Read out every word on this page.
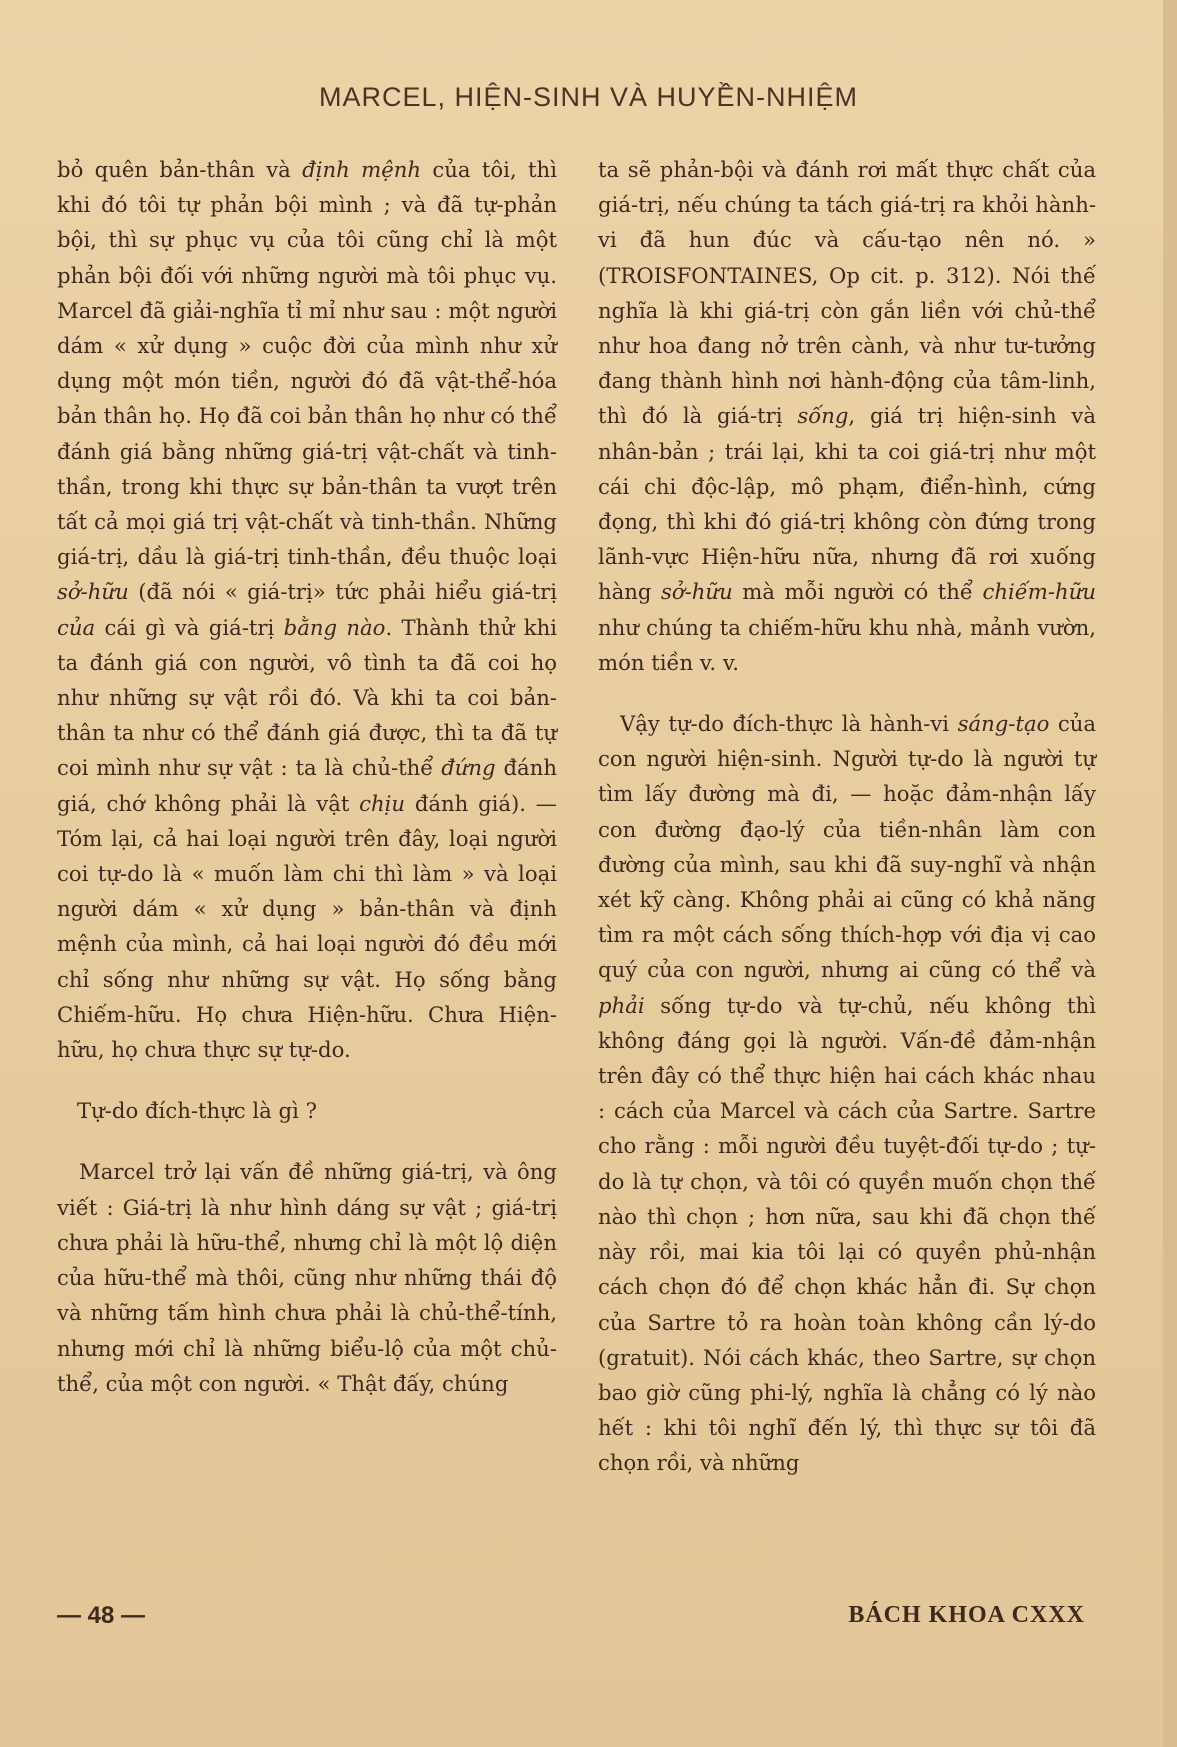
MARCEL, HIỆN-SINH VÀ HUYỀN-NHIỆM

bỏ quên bản-thân và định mệnh của tôi, thì khi đó tôi tự phản bội mình ; và đã tự-phản bội, thì sự phục vụ của tôi cũng chỉ là một phản bội đối với những người mà tôi phục vụ. Marcel đã giải-nghĩa tỉ mỉ như sau : một người dám « xử dụng » cuộc đời của mình như xử dụng một món tiền, người đó đã vật-thể-hóa bản thân họ. Họ đã coi bản thân họ như có thể đánh giá bằng những giá-trị vật-chất và tinh-thần, trong khi thực sự bản-thân ta vượt trên tất cả mọi giá trị vật-chất và tinh-thần. Những giá-trị, dầu là giá-trị tinh-thần, đều thuộc loại sở-hữu (đã nói « giá-trị» tức phải hiểu giá-trị của cái gì và giá-trị bằng nào. Thành thử khi ta đánh giá con người, vô tình ta đã coi họ như những sự vật rồi đó. Và khi ta coi bản-thân ta như có thể đánh giá được, thì ta đã tự coi mình như sự vật : ta là chủ-thể đứng đánh giá, chớ không phải là vật chịu đánh giá). — Tóm lại, cả hai loại người trên đây, loại người coi tự-do là « muốn làm chi thì làm » và loại người dám « xử dụng » bản-thân và định mệnh của mình, cả hai loại người đó đều mới chỉ sống như những sự vật. Họ sống bằng Chiếm-hữu. Họ chưa Hiện-hữu. Chưa Hiện-hữu, họ chưa thực sự tự-do.

Tự-do đích-thực là gì ?

Marcel trở lại vấn đề những giá-trị, và ông viết : Giá-trị là như hình dáng sự vật ; giá-trị chưa phải là hữu-thể, nhưng chỉ là một lộ diện của hữu-thể mà thôi, cũng như những thái độ và những tấm hình chưa phải là chủ-thể-tính, nhưng mới chỉ là những biểu-lộ của một chủ-thể, của một con người. « Thật đấy, chúng

ta sẽ phản-bội và đánh rơi mất thực chất của giá-trị, nếu chúng ta tách giá-trị ra khỏi hành-vi đã hun đúc và cấu-tạo nên nó. » (TROISFONTAINES, Op cit. p. 312). Nói thế nghĩa là khi giá-trị còn gắn liền với chủ-thể như hoa đang nở trên cành, và như tư-tưởng đang thành hình nơi hành-động của tâm-linh, thì đó là giá-trị sống, giá trị hiện-sinh và nhân-bản ; trái lại, khi ta coi giá-trị như một cái chi độc-lập, mô phạm, điển-hình, cứng đọng, thì khi đó giá-trị không còn đứng trong lãnh-vực Hiện-hữu nữa, nhưng đã rơi xuống hàng sở-hữu mà mỗi người có thể chiếm-hữu như chúng ta chiếm-hữu khu nhà, mảnh vườn, món tiền v. v.

Vậy tự-do đích-thực là hành-vi sáng-tạo của con người hiện-sinh. Người tự-do là người tự tìm lấy đường mà đi, — hoặc đảm-nhận lấy con đường đạo-lý của tiền-nhân làm con đường của mình, sau khi đã suy-nghĩ và nhận xét kỹ càng. Không phải ai cũng có khả năng tìm ra một cách sống thích-hợp với địa vị cao quý của con người, nhưng ai cũng có thể và phải sống tự-do và tự-chủ, nếu không thì không đáng gọi là người. Vấn-đề đảm-nhận trên đây có thể thực hiện hai cách khác nhau : cách của Marcel và cách của Sartre. Sartre cho rằng : mỗi người đều tuyệt-đối tự-do ; tự-do là tự chọn, và tôi có quyền muốn chọn thế nào thì chọn ; hơn nữa, sau khi đã chọn thế này rồi, mai kia tôi lại có quyền phủ-nhận cách chọn đó để chọn khác hẳn đi. Sự chọn của Sartre tỏ ra hoàn toàn không cần lý-do (gratuit). Nói cách khác, theo Sartre, sự chọn bao giờ cũng phi-lý, nghĩa là chẳng có lý nào hết : khi tôi nghĩ đến lý, thì thực sự tôi đã chọn rồi, và những

— 48 —	BÁCH KHOA CXXX
